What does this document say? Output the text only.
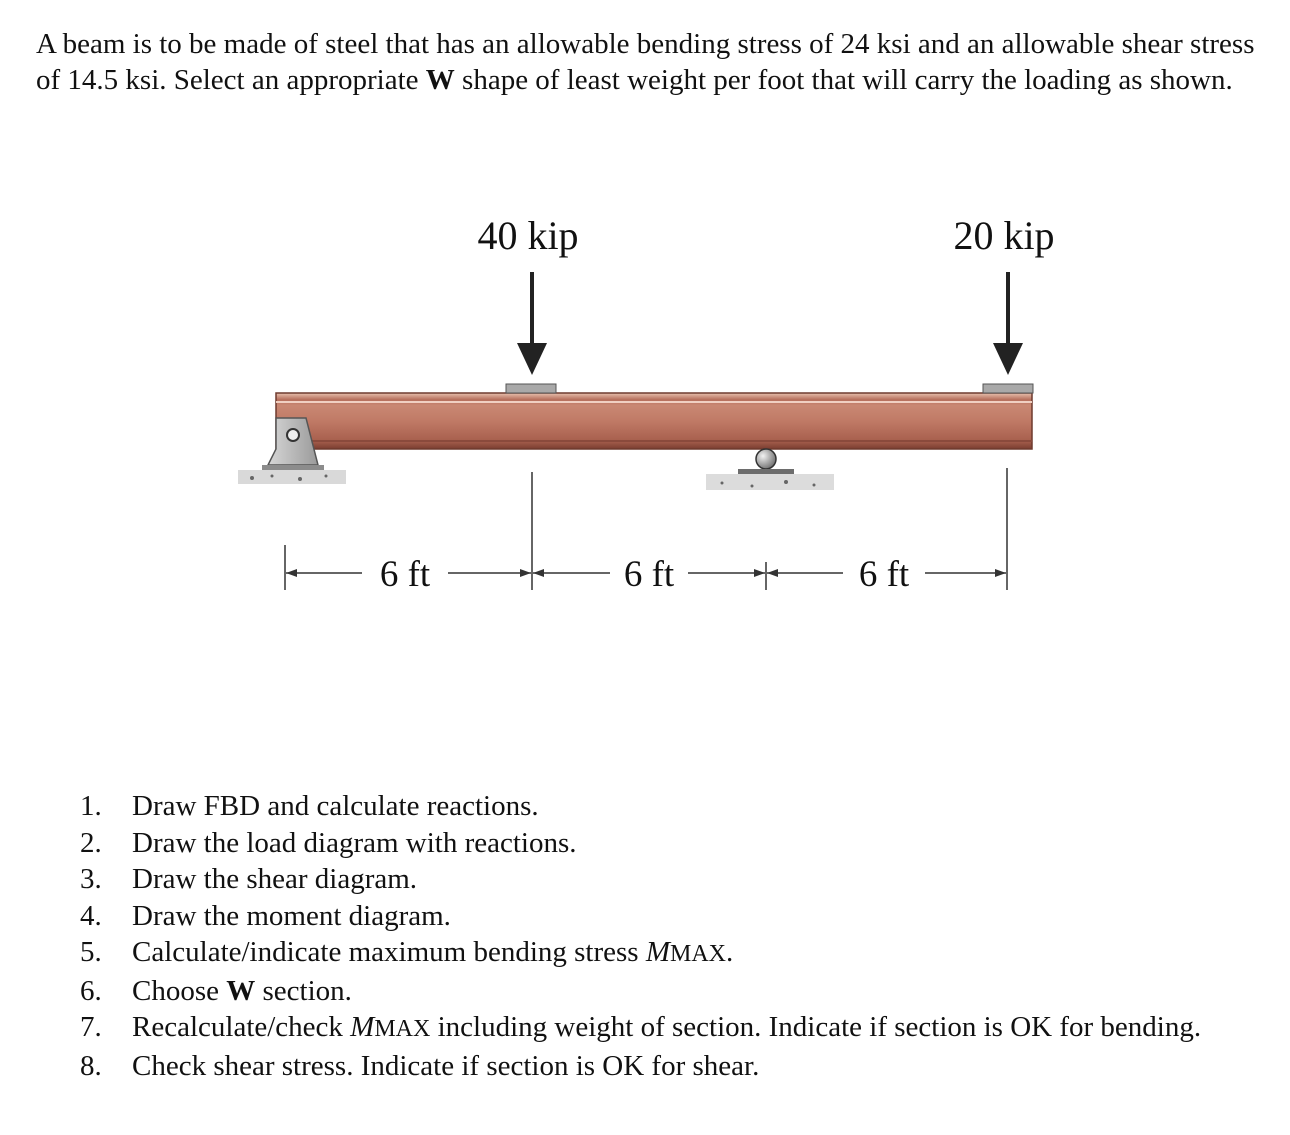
A beam is to be made of steel that has an allowable bending stress of 24 ksi and an allowable shear stress of 14.5 ksi. Select an appropriate W shape of least weight per foot that will carry the loading as shown.

40 kip	20 kip
6 ft	6 ft	6 ft
1. Draw FBD and calculate reactions.
2. Draw the load diagram with reactions.
3. Draw the shear diagram.
4. Draw the moment diagram.
5. Calculate/indicate maximum bending stress MMAX.
6. Choose W section.
7. Recalculate/check MMAX including weight of section. Indicate if section is OK for bending.
8. Check shear stress. Indicate if section is OK for shear.
